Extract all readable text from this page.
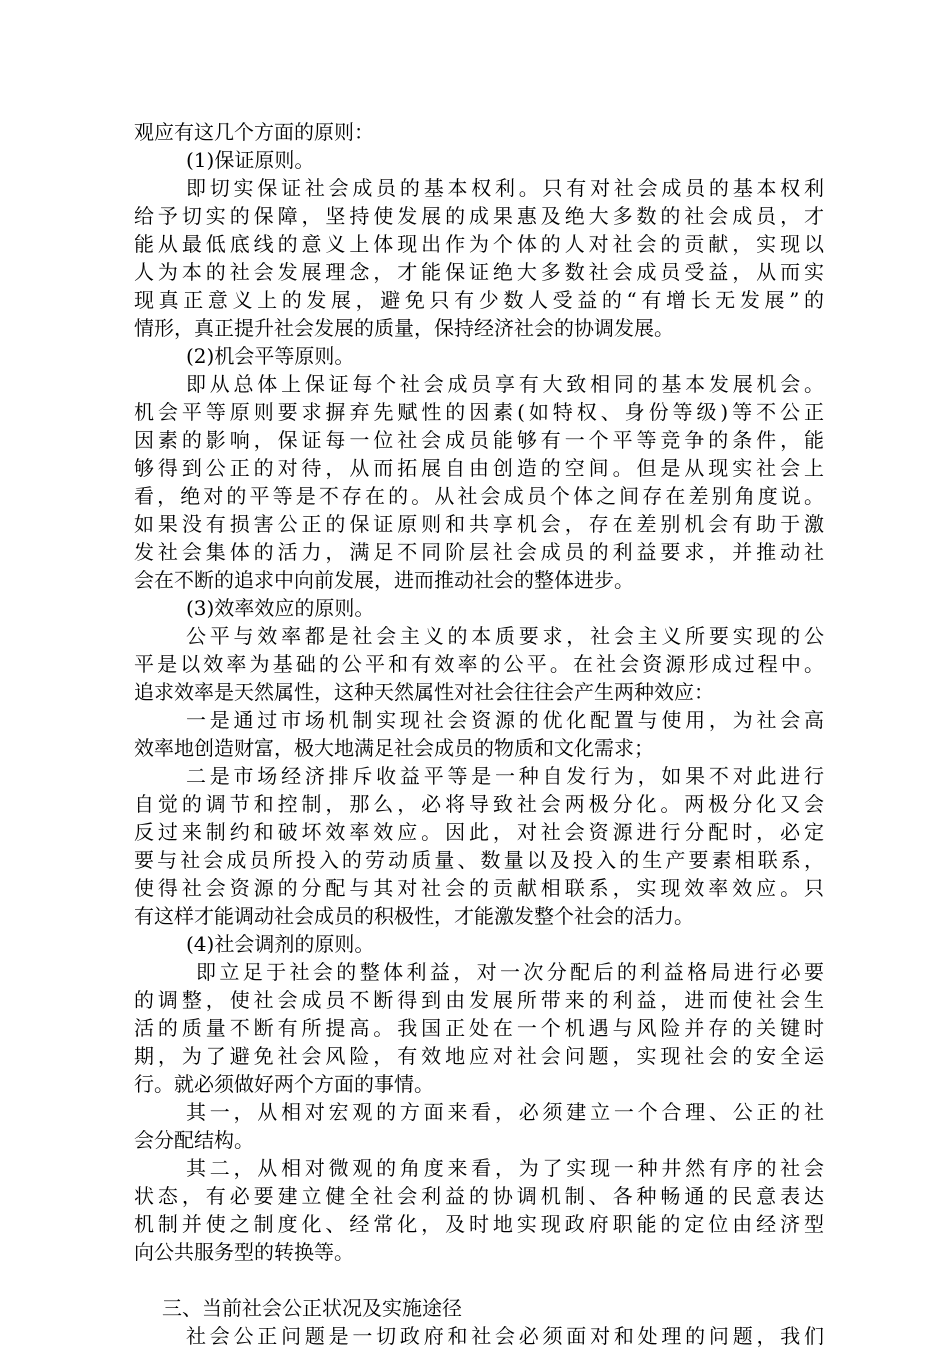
观应有这几个方面的原则：
(1)保证原则。
即切实保证社会成员的基本权利。只有对社会成员的基本权利
给予切实的保障，坚持使发展的成果惠及绝大多数的社会成员，才
能从最低底线的意义上体现出作为个体的人对社会的贡献，实现以
人为本的社会发展理念，才能保证绝大多数社会成员受益，从而实
现真正意义上的发展，避免只有少数人受益的“有增长无发展”的
情形，真正提升社会发展的质量，保持经济社会的协调发展。
(2)机会平等原则。
即从总体上保证每个社会成员享有大致相同的基本发展机会。
机会平等原则要求摒弃先赋性的因素(如特权、身份等级)等不公正
因素的影响，保证每一位社会成员能够有一个平等竞争的条件，能
够得到公正的对待，从而拓展自由创造的空间。但是从现实社会上
看，绝对的平等是不存在的。从社会成员个体之间存在差别角度说。
如果没有损害公正的保证原则和共享机会，存在差别机会有助于激
发社会集体的活力，满足不同阶层社会成员的利益要求，并推动社
会在不断的追求中向前发展，进而推动社会的整体进步。
(3)效率效应的原则。
公平与效率都是社会主义的本质要求，社会主义所要实现的公
平是以效率为基础的公平和有效率的公平。在社会资源形成过程中。
追求效率是天然属性，这种天然属性对社会往往会产生两种效应：
一是通过市场机制实现社会资源的优化配置与使用，为社会高
效率地创造财富，极大地满足社会成员的物质和文化需求；
二是市场经济排斥收益平等是一种自发行为，如果不对此进行
自觉的调节和控制，那么，必将导致社会两极分化。两极分化又会
反过来制约和破坏效率效应。因此，对社会资源进行分配时，必定
要与社会成员所投入的劳动质量、数量以及投入的生产要素相联系，
使得社会资源的分配与其对社会的贡献相联系，实现效率效应。只
有这样才能调动社会成员的积极性，才能激发整个社会的活力。
(4)社会调剂的原则。
即立足于社会的整体利益，对一次分配后的利益格局进行必要
的调整，使社会成员不断得到由发展所带来的利益，进而使社会生
活的质量不断有所提高。我国正处在一个机遇与风险并存的关键时
期，为了避免社会风险，有效地应对社会问题，实现社会的安全运
行。就必须做好两个方面的事情。
其一，从相对宏观的方面来看，必须建立一个合理、公正的社
会分配结构。
其二，从相对微观的角度来看，为了实现一种井然有序的社会
状态，有必要建立健全社会利益的协调机制、各种畅通的民意表达
机制并使之制度化、经常化，及时地实现政府职能的定位由经济型
向公共服务型的转换等。
三、当前社会公正状况及实施途径
社会公正问题是一切政府和社会必须面对和处理的问题，我们
